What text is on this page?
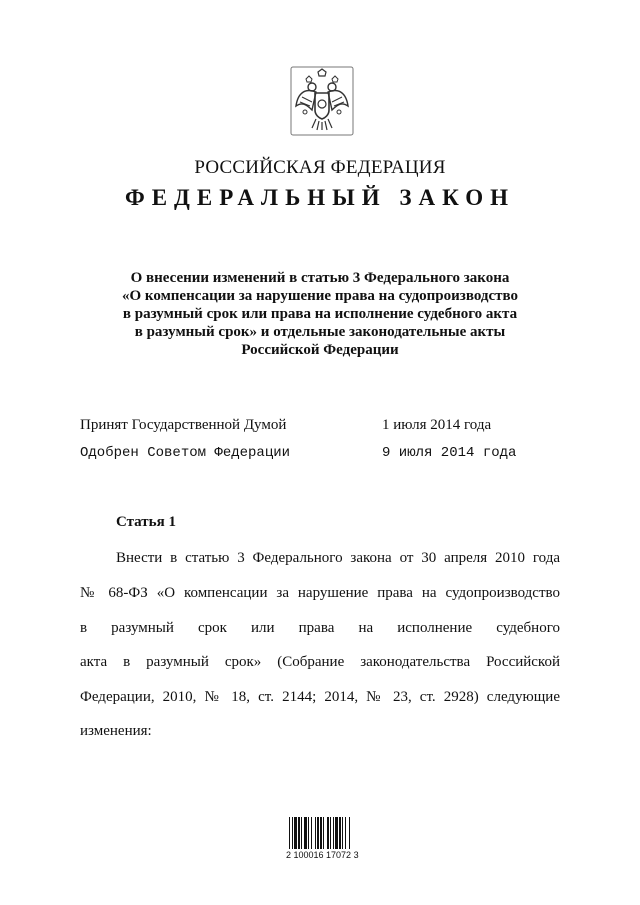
РОССИЙСКАЯ ФЕДЕРАЦИЯ
ФЕДЕРАЛЬНЫЙ ЗАКОН
О внесении изменений в статью 3 Федерального закона
«О компенсации за нарушение права на судопроизводство
в разумный срок или права на исполнение судебного акта
в разумный срок» и отдельные законодательные акты
Российской Федерации
Принят Государственной Думой	1 июля 2014 года
Одобрен Советом Федерации	9 июля 2014 года
Статья 1
Внести в статью 3 Федерального закона от 30 апреля 2010 года
№ 68-ФЗ «О компенсации за нарушение права на судопроизводство
в разумный срок или права на исполнение судебного
акта в разумный срок» (Собрание законодательства Российской
Федерации, 2010, № 18, ст. 2144; 2014, № 23, ст. 2928) следующие
изменения:
2 100016 17072 3
